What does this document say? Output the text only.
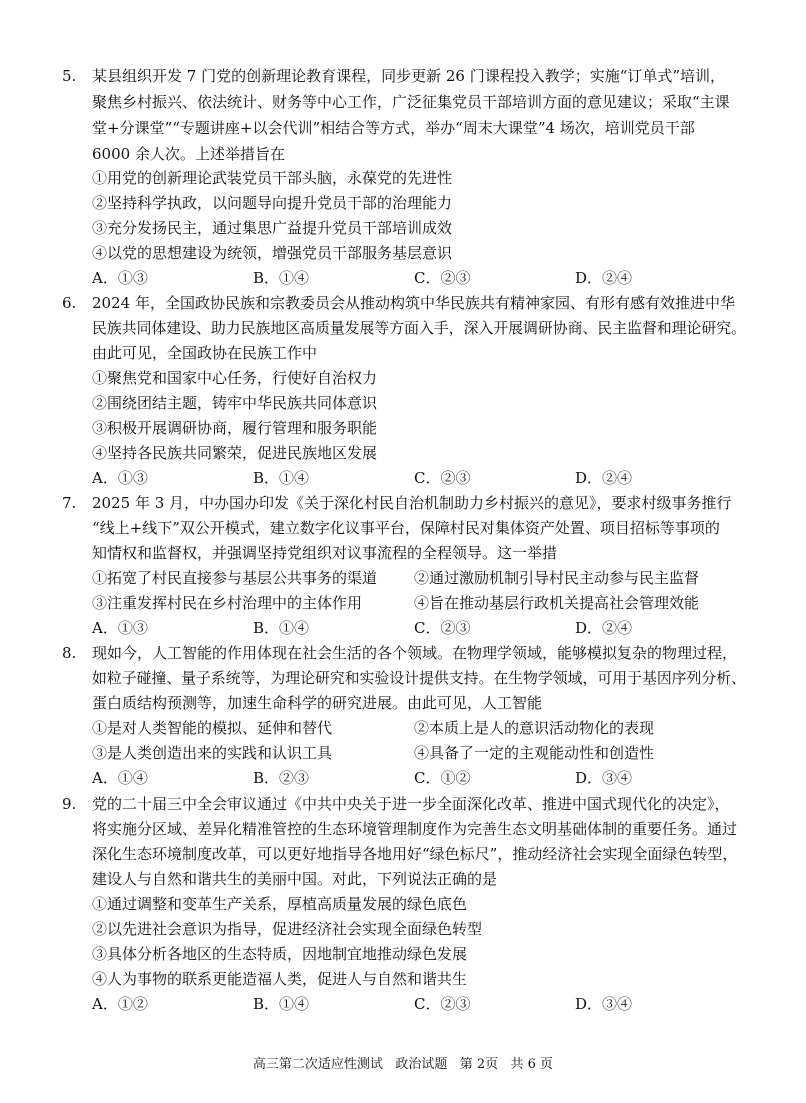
5. 某县组织开发 7 门党的创新理论教育课程，同步更新 26 门课程投入教学；实施“订单式”培训，
聚焦乡村振兴、依法统计、财务等中心工作，广泛征集党员干部培训方面的意见建议；采取“主课
堂+分课堂”“专题讲座+以会代训”相结合等方式，举办“周末大课堂”4 场次，培训党员干部
6000 余人次。上述举措旨在
①用党的创新理论武装党员干部头脑，永葆党的先进性
②坚持科学执政，以问题导向提升党员干部的治理能力
③充分发扬民主，通过集思广益提升党员干部培训成效
④以党的思想建设为统领，增强党员干部服务基层意识
A．①③	B．①④	C．②③	D．②④
6. 2024 年，全国政协民族和宗教委员会从推动构筑中华民族共有精神家园、有形有感有效推进中华
民族共同体建设、助力民族地区高质量发展等方面入手，深入开展调研协商、民主监督和理论研究。
由此可见，全国政协在民族工作中
①聚焦党和国家中心任务，行使好自治权力
②围绕团结主题，铸牢中华民族共同体意识
③积极开展调研协商，履行管理和服务职能
④坚持各民族共同繁荣，促进民族地区发展
A．①③	B．①④	C．②③	D．②④
7. 2025 年 3 月，中办国办印发《关于深化村民自治机制助力乡村振兴的意见》，要求村级事务推行
“线上+线下”双公开模式，建立数字化议事平台，保障村民对集体资产处置、项目招标等事项的
知情权和监督权，并强调坚持党组织对议事流程的全程领导。这一举措
①拓宽了村民直接参与基层公共事务的渠道 ②通过激励机制引导村民主动参与民主监督
③注重发挥村民在乡村治理中的主体作用	④旨在推动基层行政机关提高社会管理效能
A．①③	B．①④	C．②③	D．②④
8. 现如今，人工智能的作用体现在社会生活的各个领域。在物理学领域，能够模拟复杂的物理过程，
如粒子碰撞、量子系统等，为理论研究和实验设计提供支持。在生物学领域，可用于基因序列分析、
蛋白质结构预测等，加速生命科学的研究进展。由此可见，人工智能
①是对人类智能的模拟、延伸和替代	②本质上是人的意识活动物化的表现
③是人类创造出来的实践和认识工具	④具备了一定的主观能动性和创造性
A．①④	B．②③	C．①②	D．③④
9. 党的二十届三中全会审议通过《中共中央关于进一步全面深化改革、推进中国式现代化的决定》，
将实施分区域、差异化精准管控的生态环境管理制度作为完善生态文明基础体制的重要任务。通过
深化生态环境制度改革，可以更好地指导各地用好“绿色标尺”，推动经济社会实现全面绿色转型，
建设人与自然和谐共生的美丽中国。对此，下列说法正确的是
①通过调整和变革生产关系，厚植高质量发展的绿色底色
②以先进社会意识为指导，促进经济社会实现全面绿色转型
③具体分析各地区的生态特质，因地制宜地推动绿色发展
④人为事物的联系更能造福人类，促进人与自然和谐共生
A．①②	B．①④	C．②③	D．③④
高三第二次适应性测试   政治试题   第 2页   共 6 页
